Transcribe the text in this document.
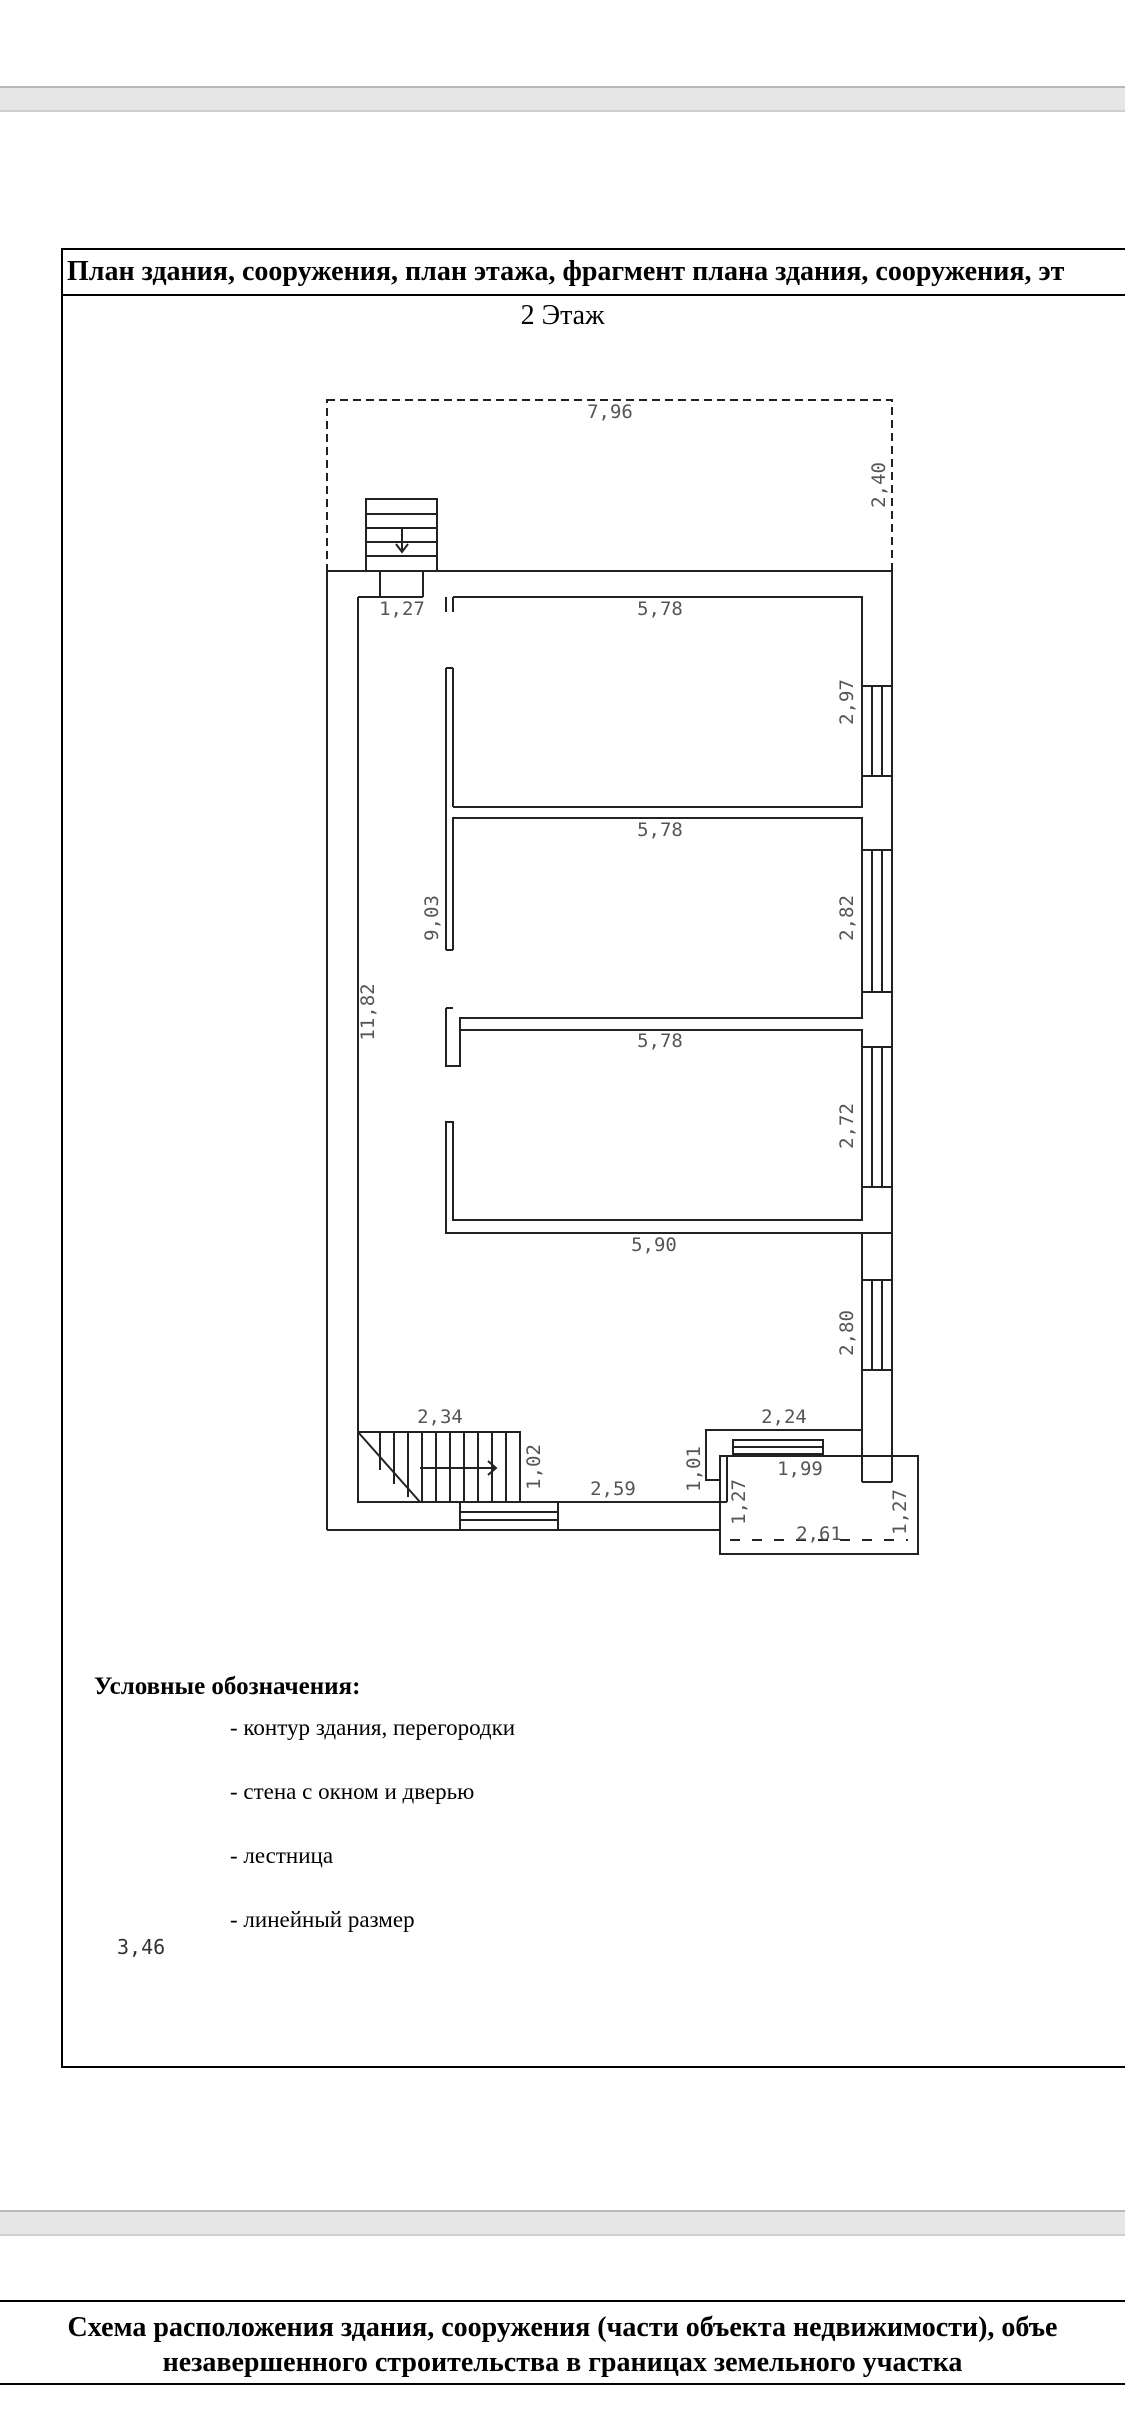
План здания, сооружения, план этажа, фрагмент плана здания, сооружения, эт
2 Этаж
7,96
2,40
1,27	5,78
2,97
5,78
2,82
9,03
11,82
5,78
2,72
5,90
2,80
2,34
1,02 2,59 1,01
2,24
1,99
1,27	1,27
2,61
Условные обозначения:
- контур здания, перегородки
- стена с окном и дверью
- лестница
- линейный размер
3,46
Схема расположения здания, сооружения (части объекта недвижимости), объе
незавершенного строительства в границах земельного участка
